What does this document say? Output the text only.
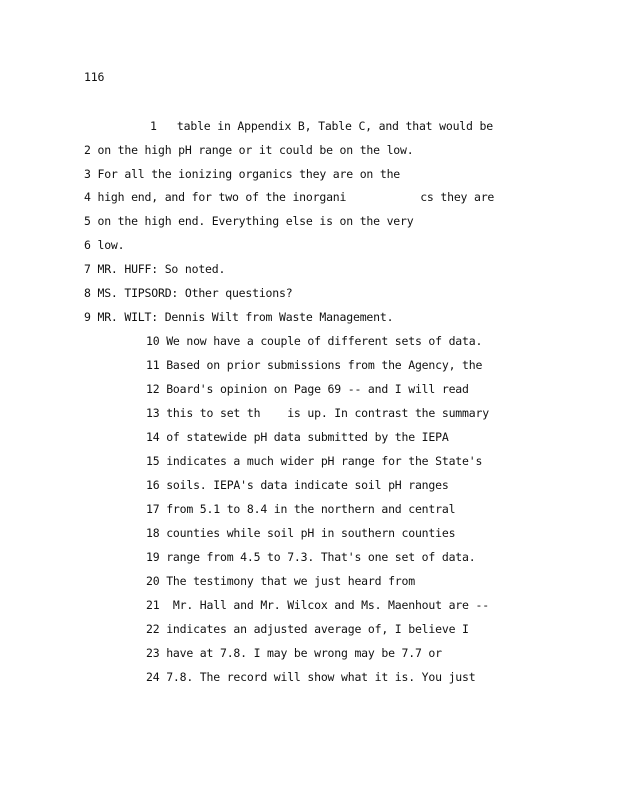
116
1 table in Appendix B, Table C, and that would be
2 on the high pH range or it could be on the low.
3 For all the ionizing organics they are on the
4 high end, and for two of the inorgani           cs they are
5 on the high end. Everything else is on the very
6 low.
7 MR. HUFF: So noted.
8 MS. TIPSORD: Other questions?
9 MR. WILT: Dennis Wilt from Waste Management.
10 We now have a couple of different sets of data.
11 Based on prior submissions from the Agency, the
12 Board's opinion on Page 69 -- and I will read
13 this to set th    is up. In contrast the summary
14 of statewide pH data submitted by the IEPA
15 indicates a much wider pH range for the State's
16 soils. IEPA's data indicate soil pH ranges
17 from 5.1 to 8.4 in the northern and central
18 counties while soil pH in southern counties
19 range from 4.5 to 7.3. That's one set of data.
20 The testimony that we just heard from
21 Mr. Hall and Mr. Wilcox and Ms. Maenhout are --
22 indicates an adjusted average of, I believe I
23 have at 7.8. I may be wrong may be 7.7 or
24 7.8. The record will show what it is. You just
